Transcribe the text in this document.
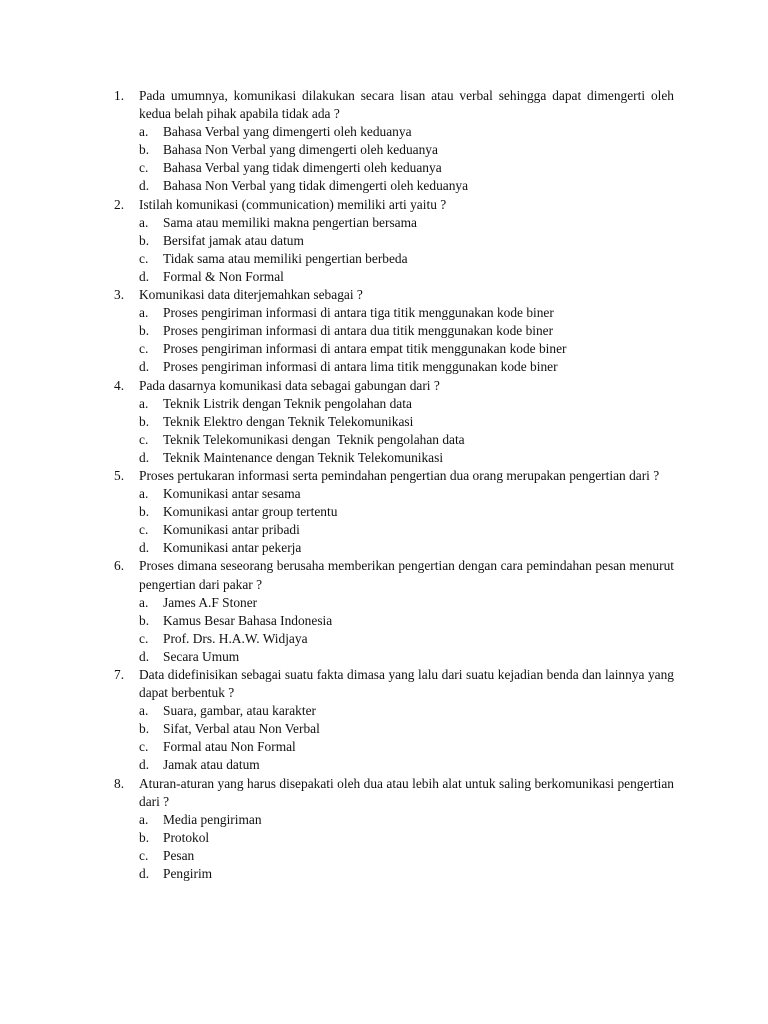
1. Pada umumnya, komunikasi dilakukan secara lisan atau verbal sehingga dapat dimengerti oleh kedua belah pihak apabila tidak ada ?
a. Bahasa Verbal yang dimengerti oleh keduanya
b. Bahasa Non Verbal yang dimengerti oleh keduanya
c. Bahasa Verbal yang tidak dimengerti oleh keduanya
d. Bahasa Non Verbal yang tidak dimengerti oleh keduanya
2. Istilah komunikasi (communication) memiliki arti yaitu ?
a. Sama atau memiliki makna pengertian bersama
b. Bersifat jamak atau datum
c. Tidak sama atau memiliki pengertian berbeda
d. Formal & Non Formal
3. Komunikasi data diterjemahkan sebagai ?
a. Proses pengiriman informasi di antara tiga titik menggunakan kode biner
b. Proses pengiriman informasi di antara dua titik menggunakan kode biner
c. Proses pengiriman informasi di antara empat titik menggunakan kode biner
d. Proses pengiriman informasi di antara lima titik menggunakan kode biner
4. Pada dasarnya komunikasi data sebagai gabungan dari ?
a. Teknik Listrik dengan Teknik pengolahan data
b. Teknik Elektro dengan Teknik Telekomunikasi
c. Teknik Telekomunikasi dengan  Teknik pengolahan data
d. Teknik Maintenance dengan Teknik Telekomunikasi
5. Proses pertukaran informasi serta pemindahan pengertian dua orang merupakan pengertian dari ?
a. Komunikasi antar sesama
b. Komunikasi antar group tertentu
c. Komunikasi antar pribadi
d. Komunikasi antar pekerja
6. Proses dimana seseorang berusaha memberikan pengertian dengan cara pemindahan pesan menurut pengertian dari pakar ?
a. James A.F Stoner
b. Kamus Besar Bahasa Indonesia
c. Prof. Drs. H.A.W. Widjaya
d. Secara Umum
7. Data didefinisikan sebagai suatu fakta dimasa yang lalu dari suatu kejadian benda dan lainnya yang dapat berbentuk ?
a. Suara, gambar, atau karakter
b. Sifat, Verbal atau Non Verbal
c. Formal atau Non Formal
d. Jamak atau datum
8. Aturan-aturan yang harus disepakati oleh dua atau lebih alat untuk saling berkomunikasi pengertian dari ?
a. Media pengiriman
b. Protokol
c. Pesan
d. Pengirim
